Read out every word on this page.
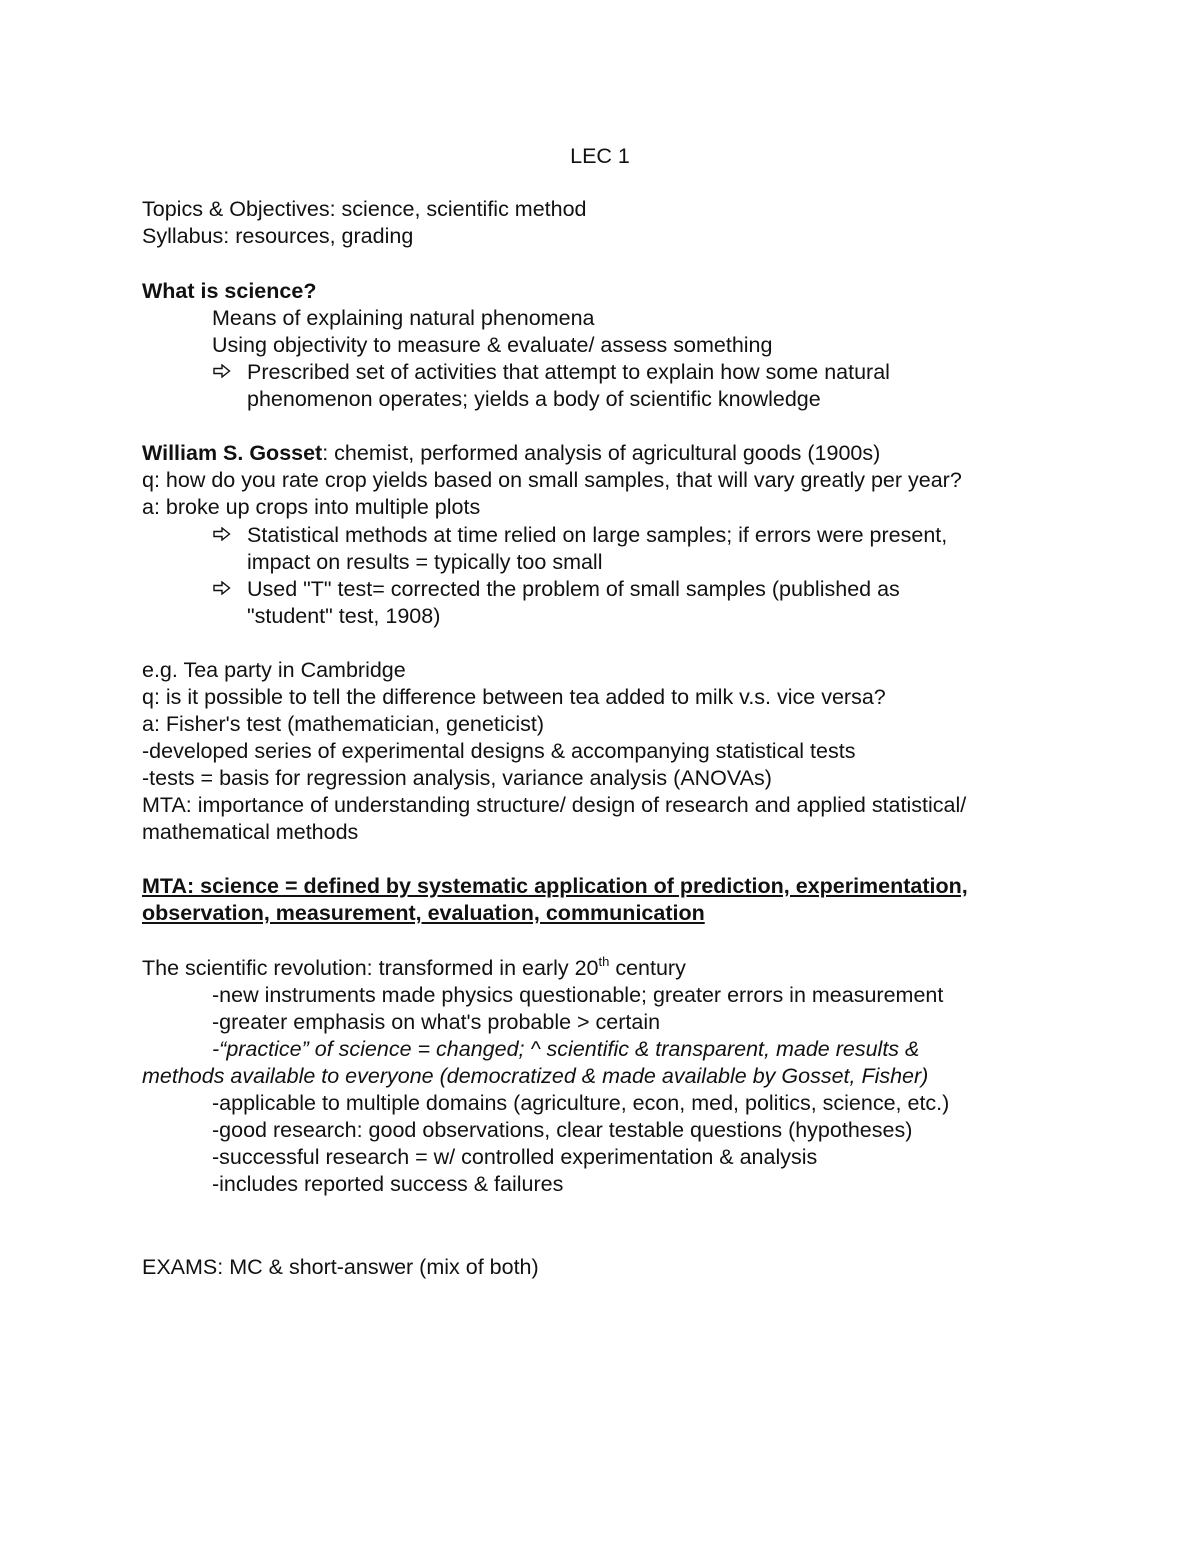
LEC 1
Topics & Objectives: science, scientific method
Syllabus: resources, grading
What is science?
Means of explaining natural phenomena
Using objectivity to measure & evaluate/ assess something
Prescribed set of activities that attempt to explain how some natural
phenomenon operates; yields a body of scientific knowledge
William S. Gosset: chemist, performed analysis of agricultural goods (1900s)
q: how do you rate crop yields based on small samples, that will vary greatly per year?
a: broke up crops into multiple plots
Statistical methods at time relied on large samples; if errors were present,
impact on results = typically too small
Used "T" test= corrected the problem of small samples (published as
"student" test, 1908)
e.g. Tea party in Cambridge
q: is it possible to tell the difference between tea added to milk v.s. vice versa?
a: Fisher's test (mathematician, geneticist)
-developed series of experimental designs & accompanying statistical tests
-tests = basis for regression analysis, variance analysis (ANOVAs)
MTA: importance of understanding structure/ design of research and applied statistical/
mathematical methods
MTA: science = defined by systematic application of prediction, experimentation,
observation, measurement, evaluation, communication
The scientific revolution: transformed in early 20th century
-new instruments made physics questionable; greater errors in measurement
-greater emphasis on what's probable > certain
-“practice” of science = changed; ^ scientific & transparent, made results &
methods available to everyone (democratized & made available by Gosset, Fisher)
-applicable to multiple domains (agriculture, econ, med, politics, science, etc.)
-good research: good observations, clear testable questions (hypotheses)
-successful research = w/ controlled experimentation & analysis
-includes reported success & failures
EXAMS: MC & short-answer (mix of both)
